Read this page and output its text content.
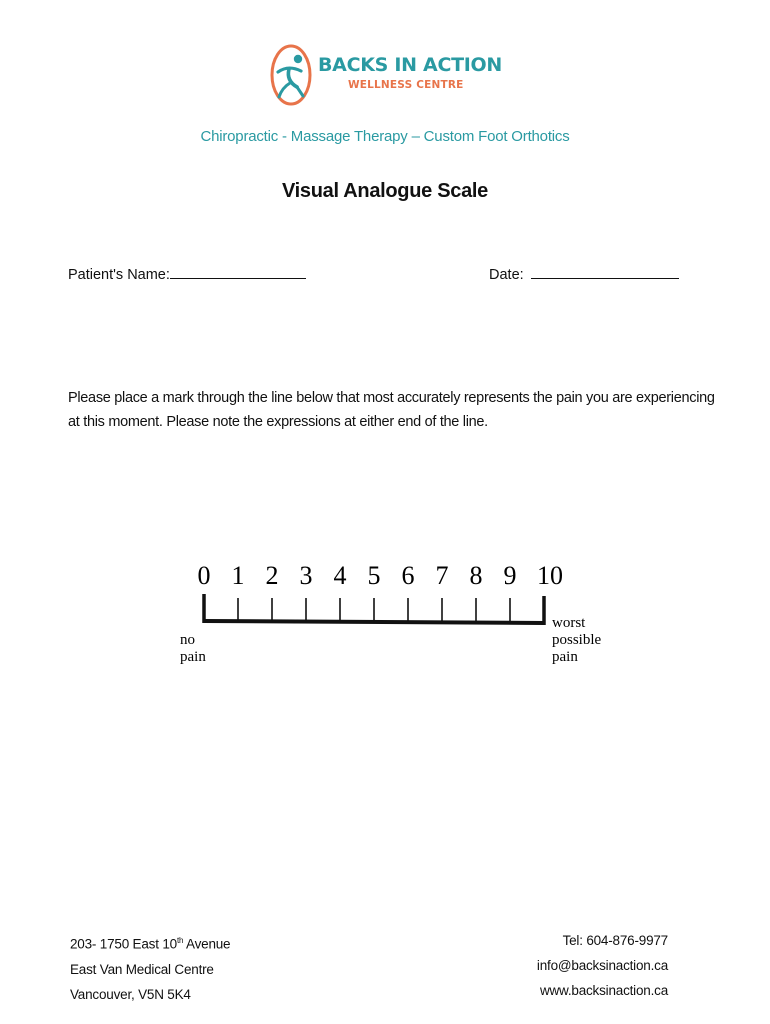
BACKS IN ACTION
WELLNESS CENTRE
Chiropractic - Massage Therapy – Custom Foot Orthotics
Visual Analogue Scale
Patient's Name:	Date:
Please place a mark through the line below that most accurately represents the pain you are experiencing at this moment. Please note the expressions at either end of the line.
0 1 2 3 4 5 6 7 8 9 10
no
pain
worst
possible
pain
203- 1750 East 10th Avenue
East Van Medical Centre
Vancouver, V5N 5K4
Tel: 604-876-9977
info@backsinaction.ca
www.backsinaction.ca
